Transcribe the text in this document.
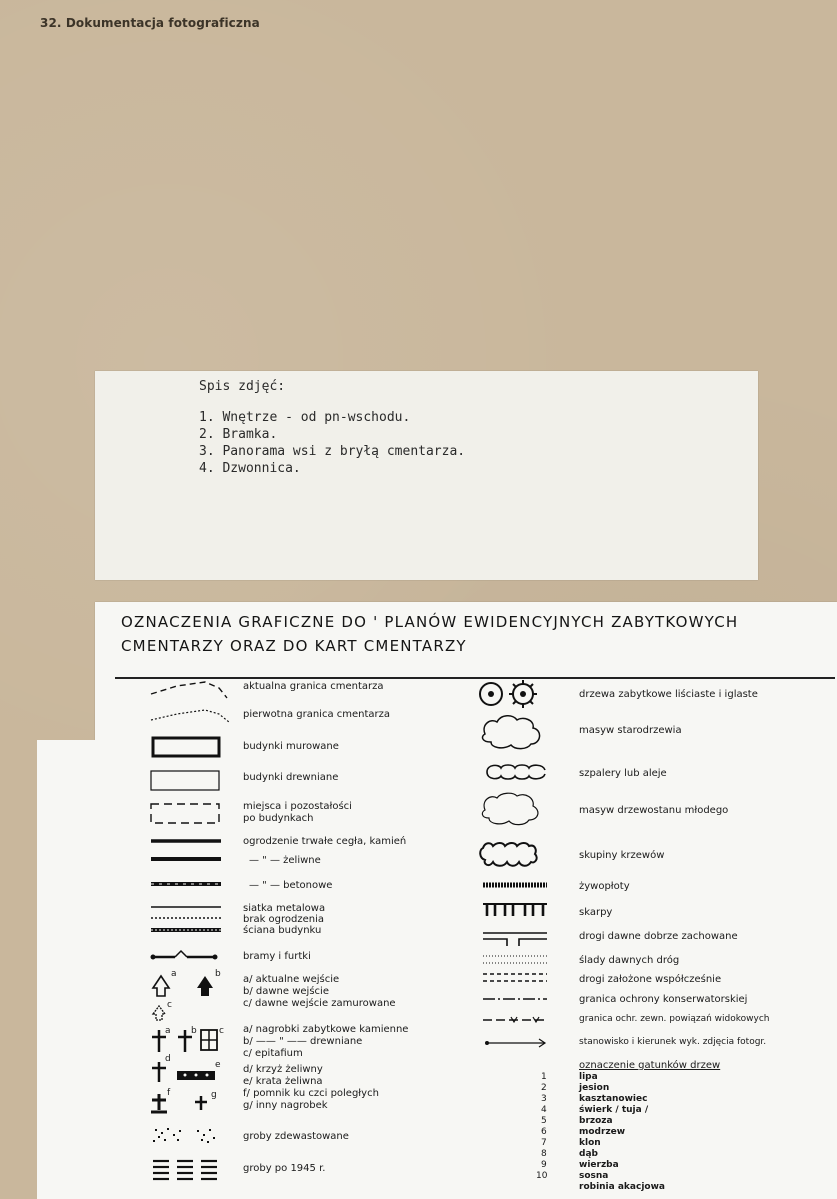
32. Dokumentacja fotograficzna
Spis zdjęć:
1. Wnętrze - od pn-wschodu.
2. Bramka.
3. Panorama wsi z bryłą cmentarza.
4. Dzwonnica.
OZNACZENIA GRAFICZNE DO ' PLANÓW EWIDENCYJNYCH ZABYTKOWYCH
CMENTARZY ORAZ DO KART CMENTARZY
a	b
c
a b c
d
e
f	g
aktualna granica cmentarza
pierwotna granica cmentarza
budynki murowane
budynki drewniane
miejsca i pozostałości
po budynkach
ogrodzenie trwałe cegła, kamień
— " — żeliwne
— " — betonowe
siatka metalowa
brak ogrodzenia
ściana budynku
bramy i furtki
a/ aktualne wejście
b/ dawne wejście
c/ dawne wejście zamurowane
a/ nagrobki zabytkowe kamienne
b/ —— " —— drewniane
c/ epitafium
d/ krzyż żeliwny
e/ krata żeliwna
f/ pomnik ku czci poległych
g/ inny nagrobek
groby zdewastowane
groby po 1945 r.
drzewa zabytkowe liściaste i iglaste
masyw starodrzewia
szpalery lub aleje
masyw drzewostanu młodego
skupiny krzewów
żywopłoty
skarpy
drogi dawne dobrze zachowane
ślady dawnych dróg
drogi założone współcześnie
granica ochrony konserwatorskiej
granica ochr. zewn. powiązań widokowych
stanowisko i kierunek wyk. zdjęcia fotogr.
oznaczenie gatunków drzew
1
2
3
4
5
6
7
8
9
10
lipa
jesion
kasztanowiec
świerk / tuja /
brzoza
modrzew
klon
dąb
wierzba
sosna
robinia akacjowa
